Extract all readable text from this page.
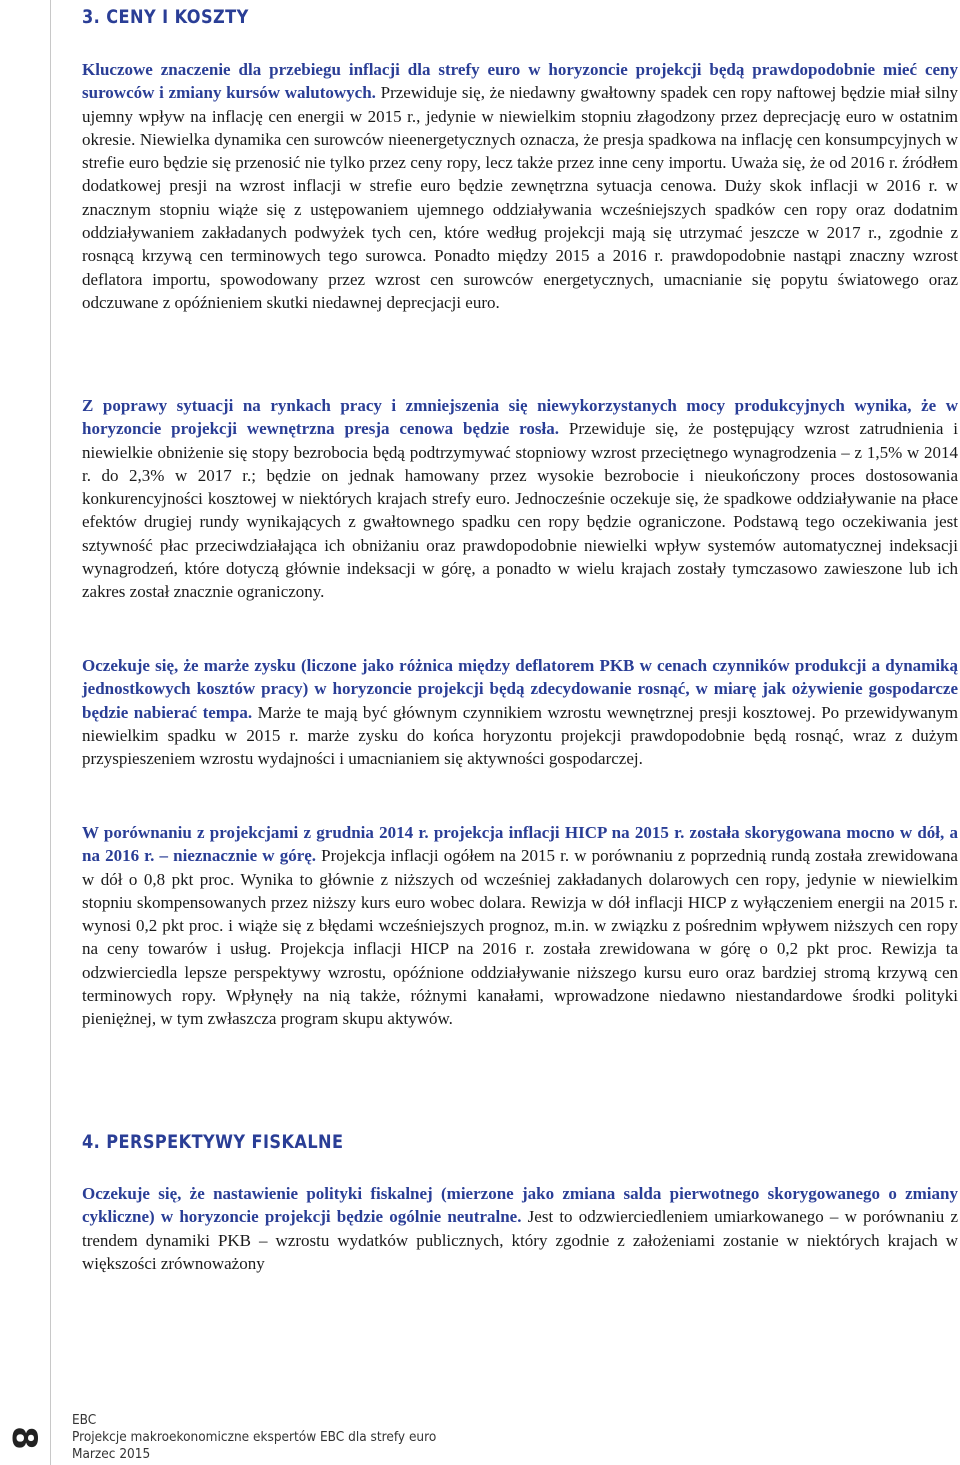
3. CENY I KOSZTY

Kluczowe znaczenie dla przebiegu inflacji dla strefy euro w horyzoncie projekcji będą prawdopodobnie mieć ceny surowców i zmiany kursów walutowych. Przewiduje się, że niedawny gwałtowny spadek cen ropy naftowej będzie miał silny ujemny wpływ na inflację cen energii w 2015 r., jedynie w niewielkim stopniu złagodzony przez deprecjację euro w ostatnim okresie. Niewielka dynamika cen surowców nieenergetycznych oznacza, że presja spadkowa na inflację cen konsumpcyjnych w strefie euro będzie się przenosić nie tylko przez ceny ropy, lecz także przez inne ceny importu. Uważa się, że od 2016 r. źródłem dodatkowej presji na wzrost inflacji w strefie euro będzie zewnętrzna sytuacja cenowa. Duży skok inflacji w 2016 r. w znacznym stopniu wiąże się z ustępowaniem ujemnego oddziaływania wcześniejszych spadków cen ropy oraz dodatnim oddziaływaniem zakładanych podwyżek tych cen, które według projekcji mają się utrzymać jeszcze w 2017 r., zgodnie z rosnącą krzywą cen terminowych tego surowca. Ponadto między 2015 a 2016 r. prawdopodobnie nastąpi znaczny wzrost deflatora importu, spowodowany przez wzrost cen surowców energetycznych, umacnianie się popytu światowego oraz odczuwane z opóźnieniem skutki niedawnej deprecjacji euro.

Z poprawy sytuacji na rynkach pracy i zmniejszenia się niewykorzystanych mocy produkcyjnych wynika, że w horyzoncie projekcji wewnętrzna presja cenowa będzie rosła. Przewiduje się, że postępujący wzrost zatrudnienia i niewielkie obniżenie się stopy bezrobocia będą podtrzymywać stopniowy wzrost przeciętnego wynagrodzenia – z 1,5% w 2014 r. do 2,3% w 2017 r.; będzie on jednak hamowany przez wysokie bezrobocie i nieukończony proces dostosowania konkurencyjności kosztowej w niektórych krajach strefy euro. Jednocześnie oczekuje się, że spadkowe oddziaływanie na płace efektów drugiej rundy wynikających z gwałtownego spadku cen ropy będzie ograniczone. Podstawą tego oczekiwania jest sztywność płac przeciwdziałająca ich obniżaniu oraz prawdopodobnie niewielki wpływ systemów automatycznej indeksacji wynagrodzeń, które dotyczą głównie indeksacji w górę, a ponadto w wielu krajach zostały tymczasowo zawieszone lub ich zakres został znacznie ograniczony.

Oczekuje się, że marże zysku (liczone jako różnica między deflatorem PKB w cenach czynników produkcji a dynamiką jednostkowych kosztów pracy) w horyzoncie projekcji będą zdecydowanie rosnąć, w miarę jak ożywienie gospodarcze będzie nabierać tempa. Marże te mają być głównym czynnikiem wzrostu wewnętrznej presji kosztowej. Po przewidywanym niewielkim spadku w 2015 r. marże zysku do końca horyzontu projekcji prawdopodobnie będą rosnąć, wraz z dużym przyspieszeniem wzrostu wydajności i umacnianiem się aktywności gospodarczej.

W porównaniu z projekcjami z grudnia 2014 r. projekcja inflacji HICP na 2015 r. została skorygowana mocno w dół, a na 2016 r. – nieznacznie w górę. Projekcja inflacji ogółem na 2015 r. w porównaniu z poprzednią rundą została zrewidowana w dół o 0,8 pkt proc. Wynika to głównie z niższych od wcześniej zakładanych dolarowych cen ropy, jedynie w niewielkim stopniu skompensowanych przez niższy kurs euro wobec dolara. Rewizja w dół inflacji HICP z wyłączeniem energii na 2015 r. wynosi 0,2 pkt proc. i wiąże się z błędami wcześniejszych prognoz, m.in. w związku z pośrednim wpływem niższych cen ropy na ceny towarów i usług. Projekcja inflacji HICP na 2016 r. została zrewidowana w górę o 0,2 pkt proc. Rewizja ta odzwierciedla lepsze perspektywy wzrostu, opóźnione oddziaływanie niższego kursu euro oraz bardziej stromą krzywą cen terminowych ropy. Wpłynęły na nią także, różnymi kanałami, wprowadzone niedawno niestandardowe środki polityki pieniężnej, w tym zwłaszcza program skupu aktywów.

4. PERSPEKTYWY FISKALNE

Oczekuje się, że nastawienie polityki fiskalnej (mierzone jako zmiana salda pierwotnego skorygowanego o zmiany cykliczne) w horyzoncie projekcji będzie ogólnie neutralne. Jest to odzwierciedleniem umiarkowanego – w porównaniu z trendem dynamiki PKB – wzrostu wydatków publicznych, który zgodnie z założeniami zostanie w niektórych krajach w większości zrównoważony

8
EBC
Projekcje makroekonomiczne ekspertów EBC dla strefy euro
Marzec 2015
